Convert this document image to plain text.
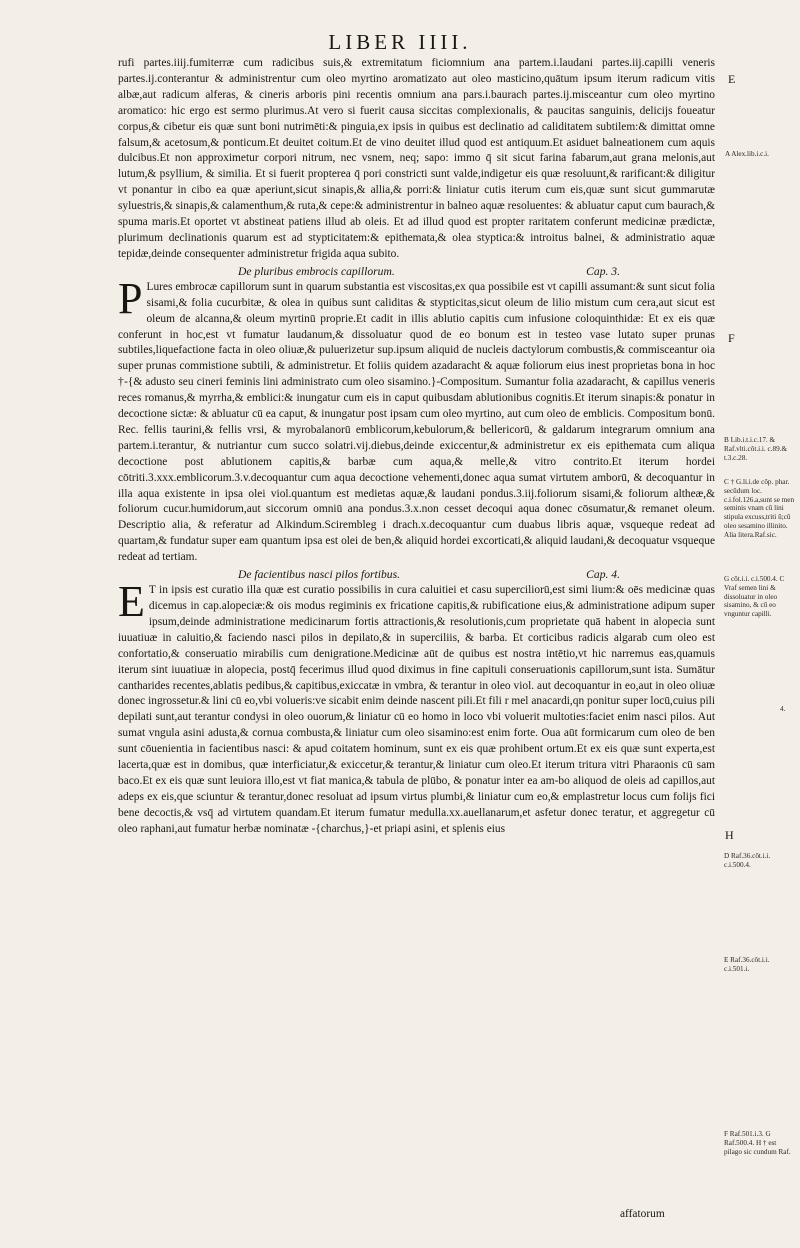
LIBER IIII.

rufi partes.iiij.fumiterræ cum radicibus suis,& extremitatum ficiomnium ana partem.i.laudani partes.iij.capilli veneris partes.ij.conterantur & administrentur cum oleo myrtino aromatizato aut oleo masticino,quātum ipsum iterum radicum vitis albæ,aut radicum alferas, & cineris arboris pini recentis omnium ana pars.i.baurach partes.ij.misceantur cum oleo myrtino aromatico: hic ergo est sermo plurimus.At vero si fuerit causa siccitas complexionalis, & paucitas sanguinis, delicijs foueatur corpus,& cibetur eis quæ sunt boni nutrimēti:& pinguia,ex ipsis in quibus est declinatio ad caliditatem subtilem:& dimittat omne falsum,& acetosum,& ponticum.Et deuitet coitum.Et de vino deuitet illud quod est antiquum.Et asiduet balneationem cum aquis dulcibus.Et non approximetur corpori nitrum, nec vsnem, neq; sapo: immo q̄ sit sicut farina fabarum,aut grana melonis,aut lutum,& psyllium, & similia. Et si fuerit propterea q̄ pori constricti sunt valde,indigetur eis quæ resoluunt,& rarificant:& diligitur vt ponantur in cibo ea quæ aperiunt,sicut sinapis,& allia,& porri:& liniatur cutis iterum cum eis,quæ sunt sicut gummarutæ syluestris,& sinapis,& calamenthum,& ruta,& cepe:& administrentur in balneo aquæ resoluentes: & abluatur caput cum baurach,& spuma maris.Et oportet vt abstineat patiens illud ab oleis. Et ad illud quod est propter raritatem conferunt medicinæ prædictæ, plurimum declinationis quarum est ad stypticitatem:& epithemata,& olea styptica:& introitus balnei, & administratio aquæ tepidæ,deinde consequenter administretur frigida aqua subito.

De pluribus embrocis capillorum.	Cap. 3.

P Lures embrocæ capillorum sunt in quarum substantia est viscositas,ex qua possibile est vt capilli assumant:& sunt sicut folia sisami,& folia cucurbitæ, & olea in quibus sunt caliditas & stypticitas,sicut oleum de lilio mistum cum cera,aut sicut est oleum de alcanna,& oleum myrtinū proprie.Et cadit in illis ablutio capitis cum infusione coloquinthidæ: Et ex eis quæ conferunt in hoc,est vt fumatur laudanum,& dissoluatur quod de eo bonum est in testeo vase lutato super prunas subtiles,liquefactione facta in oleo oliuæ,& puluerizetur sup.ipsum aliquid de nucleis dactylorum combustis,& commisceantur oia super prunas commistione subtili, & administretur. Et foliis quidem azadaracht & aquæ foliorum eius inest proprietas bona in hoc †-{& adusto seu cineri feminis lini administrato cum oleo sisamino.}-Compositum. Sumantur folia azadaracht, & capillus veneris reces romanus,& myrrha,& emblici:& inungatur cum eis in caput quibusdam ablutionibus cognitis.Et iterum sinapis:& ponatur in decoctione sictæ: & abluatur cū ea caput, & inungatur post ipsam cum oleo myrtino, aut cum oleo de emblicis. Compositum bonū. Rec. fellis taurini,& fellis vrsi, & myrobalanorū emblicorum,kebulorum,& bellericorū, & galdarum integrarum omnium ana partem.i.terantur, & nutriantur cum succo solatri.vij.diebus,deinde exiccentur,& administretur ex eis epithemata cum aliqua decoctione post ablutionem capitis,& barbæ cum aqua,& melle,& vitro contrito.Et iterum hordei cōtriti.3.xxx.emblicorum.3.v.decoquantur cum aqua decoctione vehementi,donec aqua sumat virtutem amborū, & decoquantur in illa aqua existente in ipsa olei viol.quantum est medietas aquæ,& laudani pondus.3.iij.foliorum sisami,& foliorum altheæ,& foliorum cucur.humidorum,aut siccorum omniū ana pondus.3.x.non cesset decoqui aqua donec cōsumatur,& remanet oleum. Descriptio alia, & referatur ad Alkindum.Scirembleg i drach.x.decoquantur cum duabus libris aquæ, vsqueque redeat ad quartam,& fundatur super eam quantum ipsa est olei de ben,& aliquid hordei excorticati,& aliquid laudani,& decoquatur vsqueque redeat ad tertiam.

De facientibus nasci pilos fortibus.	Cap. 4.

E T in ipsis est curatio illa quæ est curatio possibilis in cura caluitiei et casu superciliorū,est simi lium:& oēs medicinæ quas dicemus in cap.alopeciæ:& ois modus regiminis ex fricatione capitis,& rubificatione eius,& administratione adipum super ipsum,deinde administratione medicinarum fortis attractionis,& resolutionis,cum proprietate quā habent in alopecia sunt iuuatiuæ in caluitio,& faciendo nasci pilos in depilato,& in superciliis, & barba. Et corticibus radicis algarab cum oleo est confortatio,& conseruatio mirabilis cum denigratione.Medicinæ aūt de quibus est nostra intētio,vt hic narremus eas,quamuis iterum sint iuuatiuæ in alopecia, postq̄ fecerimus illud quod diximus in fine capituli conseruationis capillorum,sunt ista. Sumātur cantharides recentes,ablatis pedibus,& capitibus,exiccatæ in vmbra, & terantur in oleo viol. aut decoquantur in eo,aut in oleo oliuæ donec ingrossetur.& lini cū eo,vbi volueris:ve sicabit enim deinde nascent pili.Et fili r mel anacardi,qn ponitur super locū,cuius pili depilati sunt,aut terantur condysi in oleo ouorum,& liniatur cū eo homo in loco vbi voluerit multoties:faciet enim nasci pilos. Aut sumat vngula asini adusta,& cornua combusta,& liniatur cum oleo sisamino:est enim forte. Oua aūt formicarum cum oleo de ben sunt cōuenientia in facientibus nasci: & apud coitatem hominum, sunt ex eis quæ prohibent ortum.Et ex eis quæ sunt experta,est lacerta,quæ est in domibus, quæ interficiatur,& exiccetur,& terantur,& liniatur cum oleo.Et iterum tritura vitri Pharaonis cū sam baco.Et ex eis quæ sunt leuiora illo,est vt fiat manica,& tabula de plūbo, & ponatur inter ea am-bo aliquod de oleis ad capillos,aut adeps ex eis,que sciuntur & terantur,donec resoluat ad ipsum virtus plumbi,& liniatur cum eo,& emplastretur locus cum folijs fici bene decoctis,& vsq̄ ad virtutem quandam.Et iterum fumatur medulla.xx.auellanarum,et asfetur donec teratur, et aggregetur cū oleo raphani,aut fumatur herbæ nominatæ -{charchus,}-et priapi asini, et splenis eius

affatorum
E
A Alex.lib.i.c.i.
F
B Lib.i.t.i.c.17. & Raf.vlti.cōt.i.i. c.89.& t.3.c.28.
C † G.li.i.de cōp. phar. secūdum loc. c.i.fol.126.a,sunt se men seminis vnam cū lini stipula excuss,triti ū;cū oleo sesamino illinito. Alia litera.Raf.sic.
G cōt.i.i. c.i.500.4. C Vraf semen lini & dissoluatur in oleo sisamino, & cū eo vnguntur capilli.
4.
H
D Raf.36.cōt.i.i. c.i.500.4.
E Raf.36.cōt.i.i. c.i.501.i.
F Raf.501.i.3. G Raf.500.4. H † est pilago sic cundum Raf.
